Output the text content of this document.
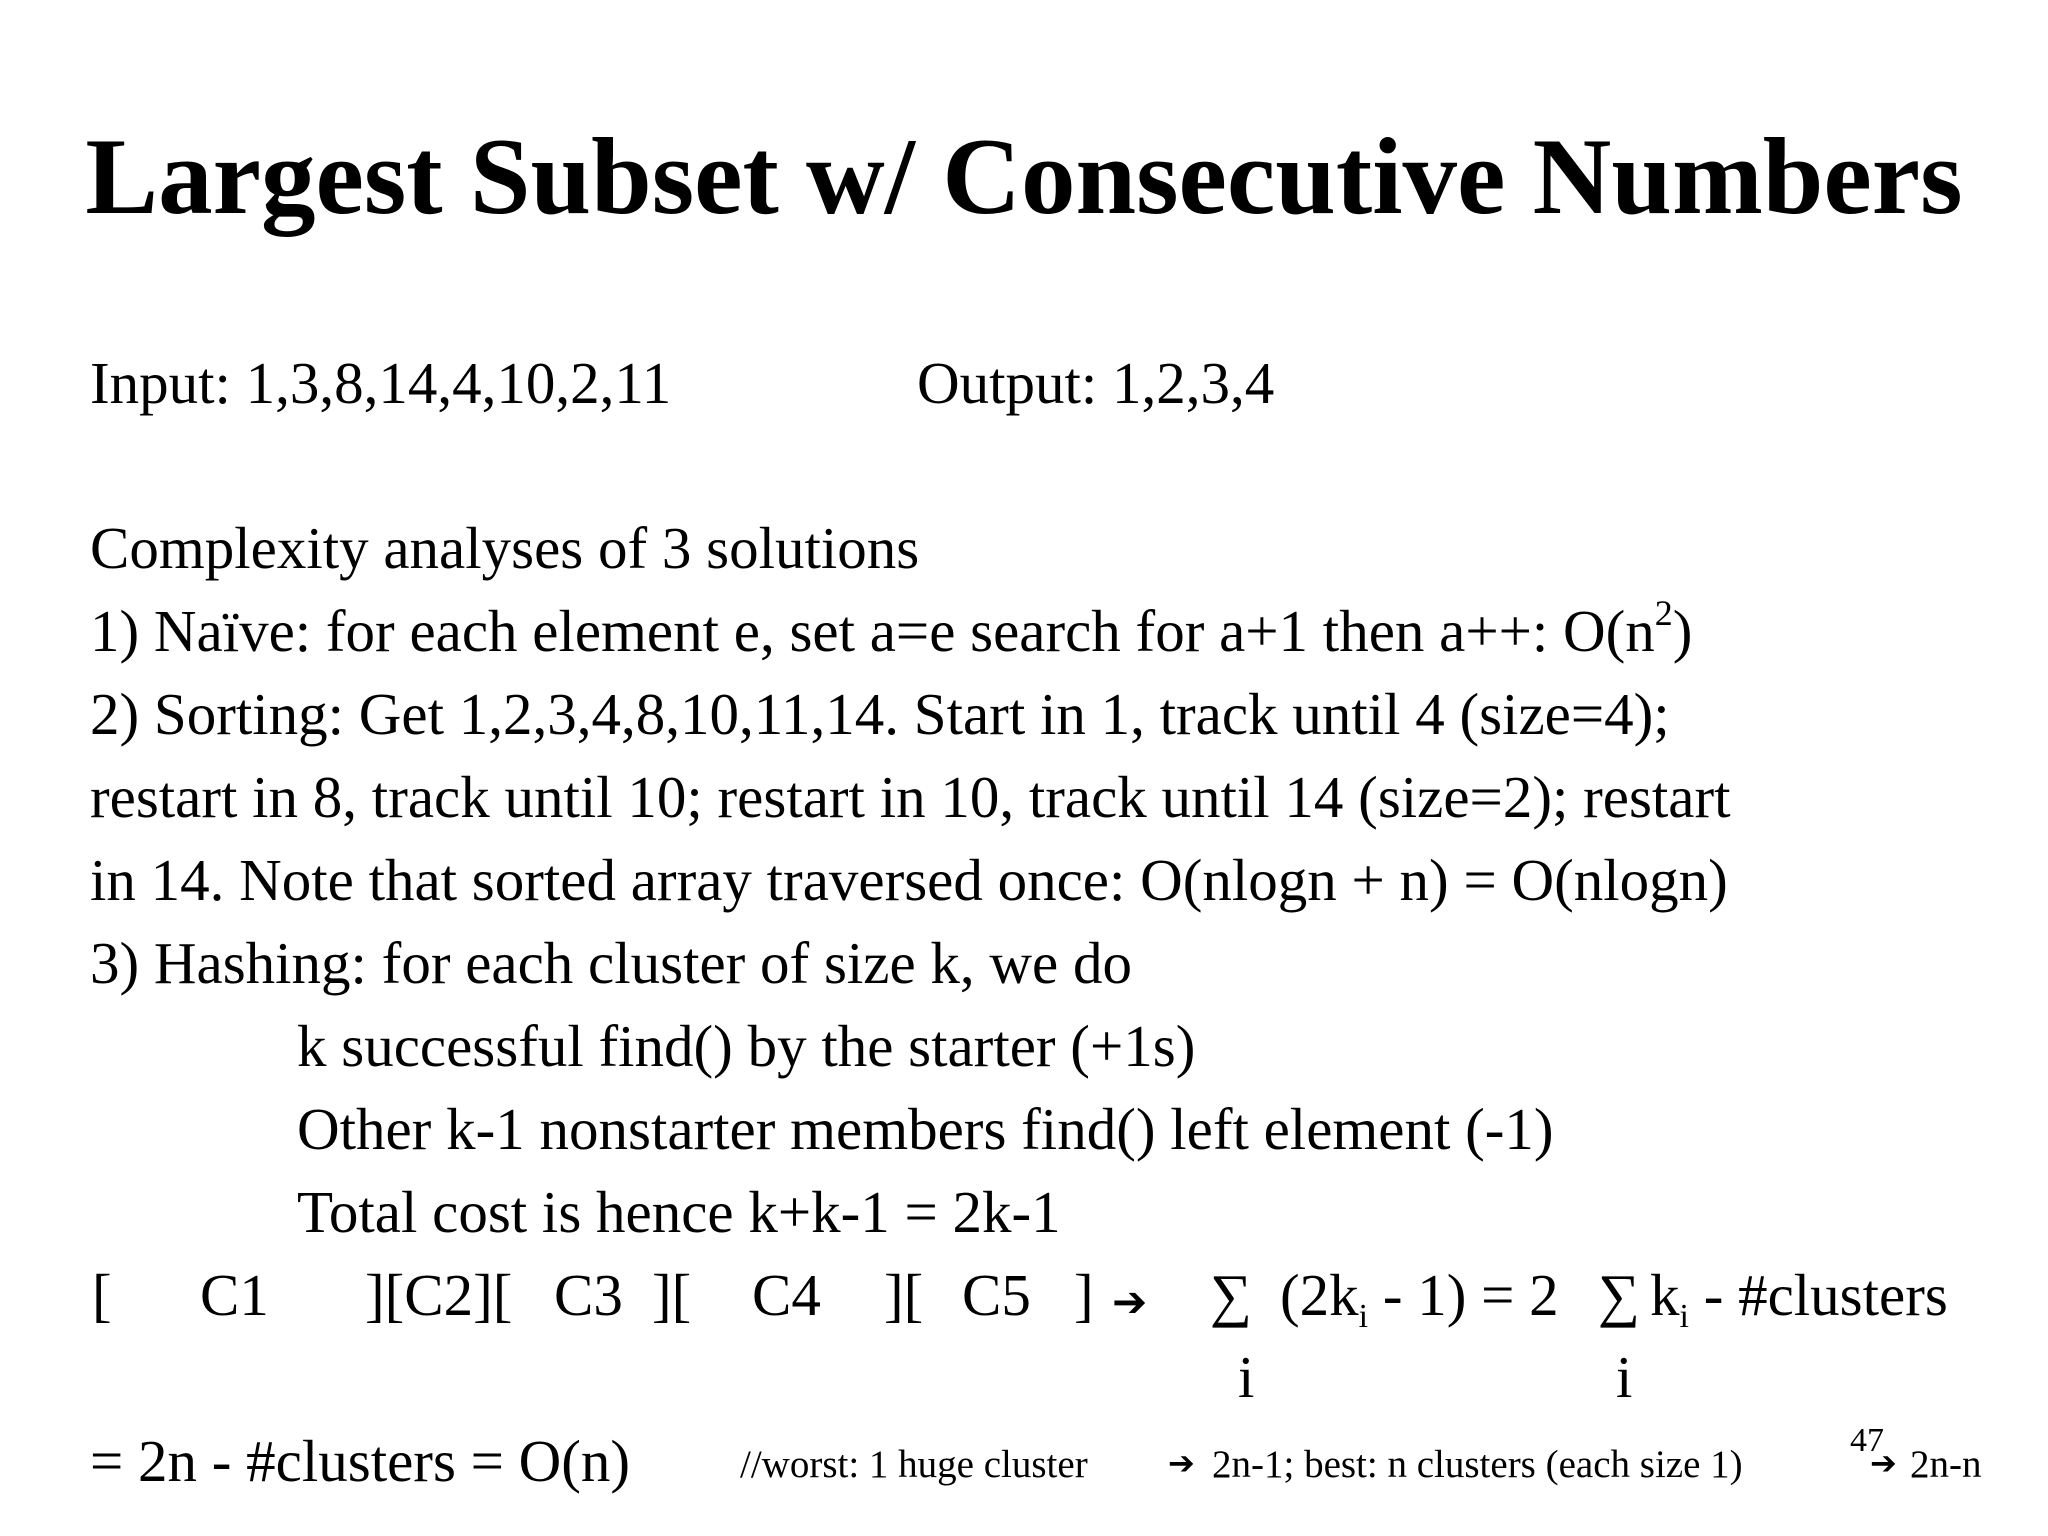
Largest Subset w/ Consecutive Numbers
Input: 1,3,8,14,4,10,2,11	Output: 1,2,3,4
Complexity analyses of 3 solutions
1) Naïve: for each element e, set a=e search for a+1 then a++: $O(n^2)$
2) Sorting: Get 1,2,3,4,8,10,11,14. Start in 1, track until 4 (size=4);
restart in 8, track until 10; restart in 10, track until 14 (size=2); restart
in 14. Note that sorted array traversed once: O(nlogn + n) = O(nlogn)
3) Hashing: for each cluster of size k, we do
k successful find() by the starter (+1s)
Other k-1 nonstarter members find() left element (-1)
Total cost is hence k+k-1 = 2k-1
[ C1 ][C2][ C3 ][ C4 ][ C5 ] ➔ ∑ $(2k_i - 1) = 2$ ∑ $k_i$ - #clusters
i	i
= 2n - #clusters = O(n)	//worst: 1 huge cluster	➔ 2n-1; best: n clusters (each size 1)	➔ 2n-n
47
